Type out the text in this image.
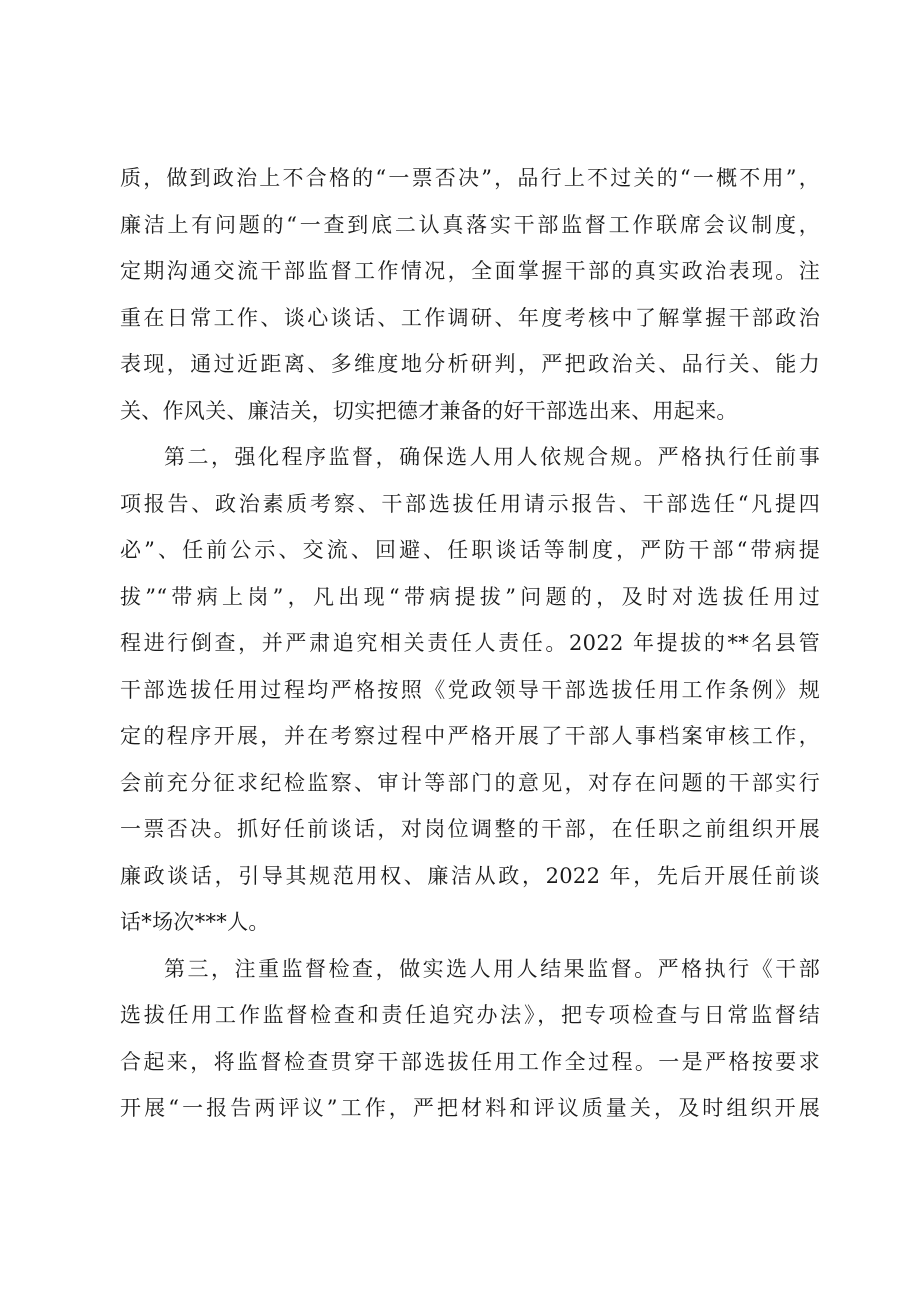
质，做到政治上不合格的“一票否决”，品行上不过关的“一概不用”，
廉洁上有问题的“一查到底二认真落实干部监督工作联席会议制度，
定期沟通交流干部监督工作情况，全面掌握干部的真实政治表现。注
重在日常工作、谈心谈话、工作调研、年度考核中了解掌握干部政治
表现，通过近距离、多维度地分析研判，严把政治关、品行关、能力
关、作风关、廉洁关，切实把德才兼备的好干部选出来、用起来。
第二，强化程序监督，确保选人用人依规合规。严格执行任前事
项报告、政治素质考察、干部选拔任用请示报告、干部选任“凡提四
必”、任前公示、交流、回避、任职谈话等制度，严防干部“带病提
拔”“带病上岗”，凡出现“带病提拔”问题的，及时对选拔任用过
程进行倒查，并严肃追究相关责任人责任。2022 年提拔的**名县管
干部选拔任用过程均严格按照《党政领导干部选拔任用工作条例》规
定的程序开展，并在考察过程中严格开展了干部人事档案审核工作，
会前充分征求纪检监察、审计等部门的意见，对存在问题的干部实行
一票否决。抓好任前谈话，对岗位调整的干部，在任职之前组织开展
廉政谈话，引导其规范用权、廉洁从政，2022 年，先后开展任前谈
话*场次***人。
第三，注重监督检查，做实选人用人结果监督。严格执行《干部
选拔任用工作监督检查和责任追究办法》，把专项检查与日常监督结
合起来，将监督检查贯穿干部选拔任用工作全过程。一是严格按要求
开展“一报告两评议”工作，严把材料和评议质量关，及时组织开展
